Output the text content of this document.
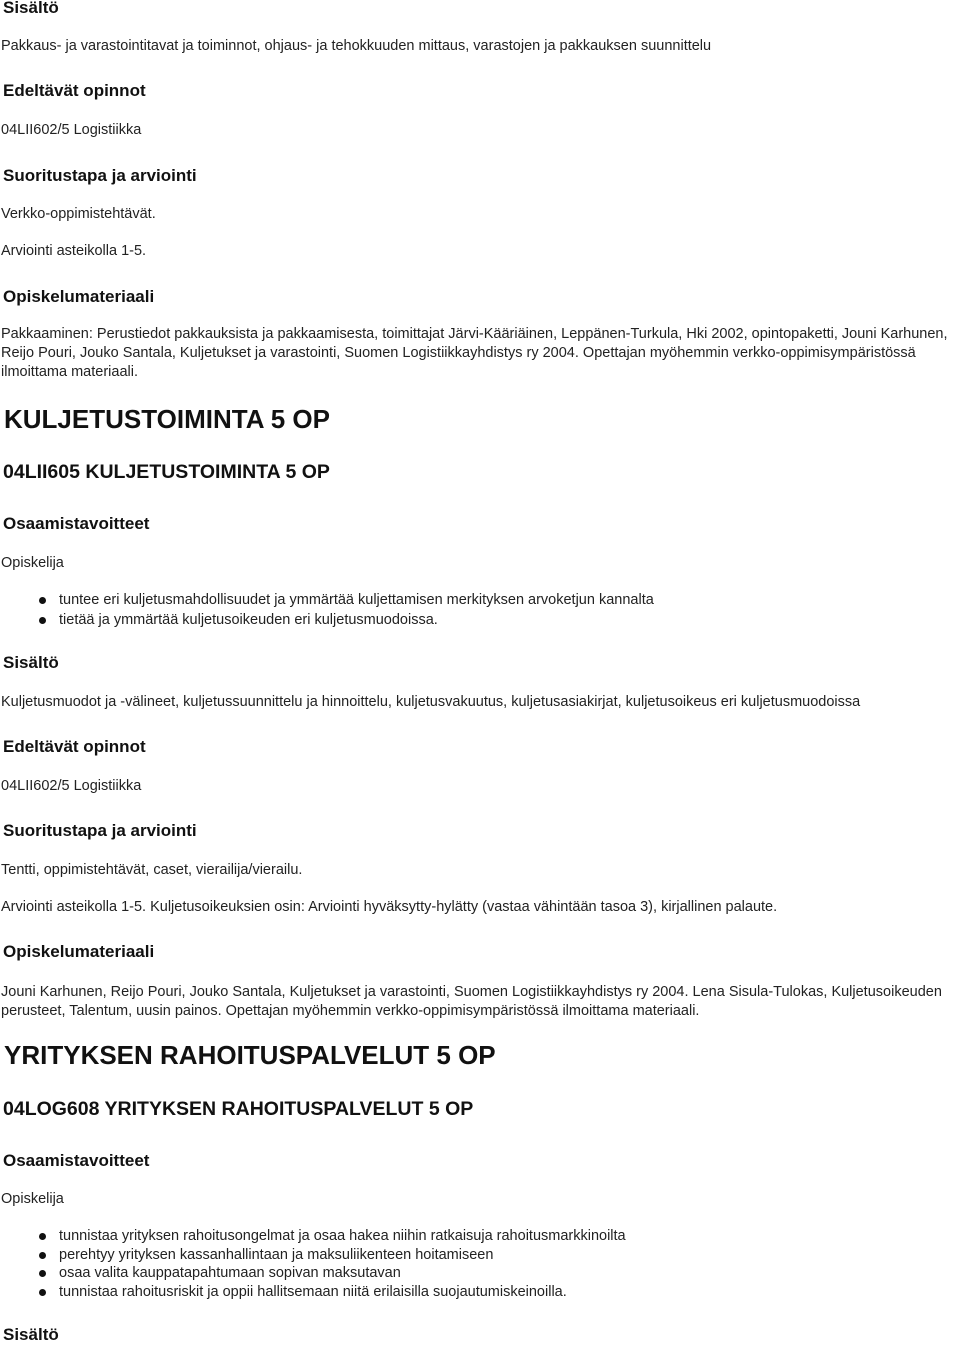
Sisältö

Pakkaus- ja varastointitavat ja toiminnot, ohjaus- ja tehokkuuden mittaus, varastojen ja pakkauksen suunnittelu

Edeltävät opinnot

04LII602/5 Logistiikka

Suoritustapa ja arviointi

Verkko-oppimistehtävät.

Arviointi asteikolla 1-5.

Opiskelumateriaali

Pakkaaminen: Perustiedot pakkauksista ja pakkaamisesta, toimittajat Järvi-Kääriäinen, Leppänen-Turkula, Hki 2002, opintopaketti, Jouni Karhunen, Reijo Pouri, Jouko Santala, Kuljetukset ja varastointi, Suomen Logistiikkayhdistys ry 2004. Opettajan myöhemmin verkko-oppimisympäristössä ilmoittama materiaali.

KULJETUSTOIMINTA 5 OP
04LII605 KULJETUSTOIMINTA 5 OP
Osaamistavoitteet

Opiskelija

tuntee eri kuljetusmahdollisuudet ja ymmärtää kuljettamisen merkityksen arvoketjun kannalta
tietää ja ymmärtää kuljetusoikeuden eri kuljetusmuodoissa.
Sisältö

Kuljetusmuodot ja -välineet, kuljetussuunnittelu ja hinnoittelu, kuljetusvakuutus, kuljetusasiakirjat, kuljetusoikeus eri kuljetusmuodoissa

Edeltävät opinnot

04LII602/5 Logistiikka

Suoritustapa ja arviointi

Tentti, oppimistehtävät, caset, vierailija/vierailu.

Arviointi asteikolla 1-5. Kuljetusoikeuksien osin: Arviointi hyväksytty-hylätty (vastaa vähintään tasoa 3), kirjallinen palaute.

Opiskelumateriaali

Jouni Karhunen, Reijo Pouri, Jouko Santala, Kuljetukset ja varastointi, Suomen Logistiikkayhdistys ry 2004. Lena Sisula-Tulokas, Kuljetusoikeuden perusteet, Talentum, uusin painos. Opettajan myöhemmin verkko-oppimisympäristössä ilmoittama materiaali.

YRITYKSEN RAHOITUSPALVELUT 5 OP
04LOG608 YRITYKSEN RAHOITUSPALVELUT 5 OP
Osaamistavoitteet

Opiskelija

tunnistaa yrityksen rahoitusongelmat ja osaa hakea niihin ratkaisuja rahoitusmarkkinoilta
perehtyy yrityksen kassanhallintaan ja maksuliikenteen hoitamiseen
osaa valita kauppatapahtumaan sopivan maksutavan
tunnistaa rahoitusriskit ja oppii hallitsemaan niitä erilaisilla suojautumiskeinoilla.
Sisältö
